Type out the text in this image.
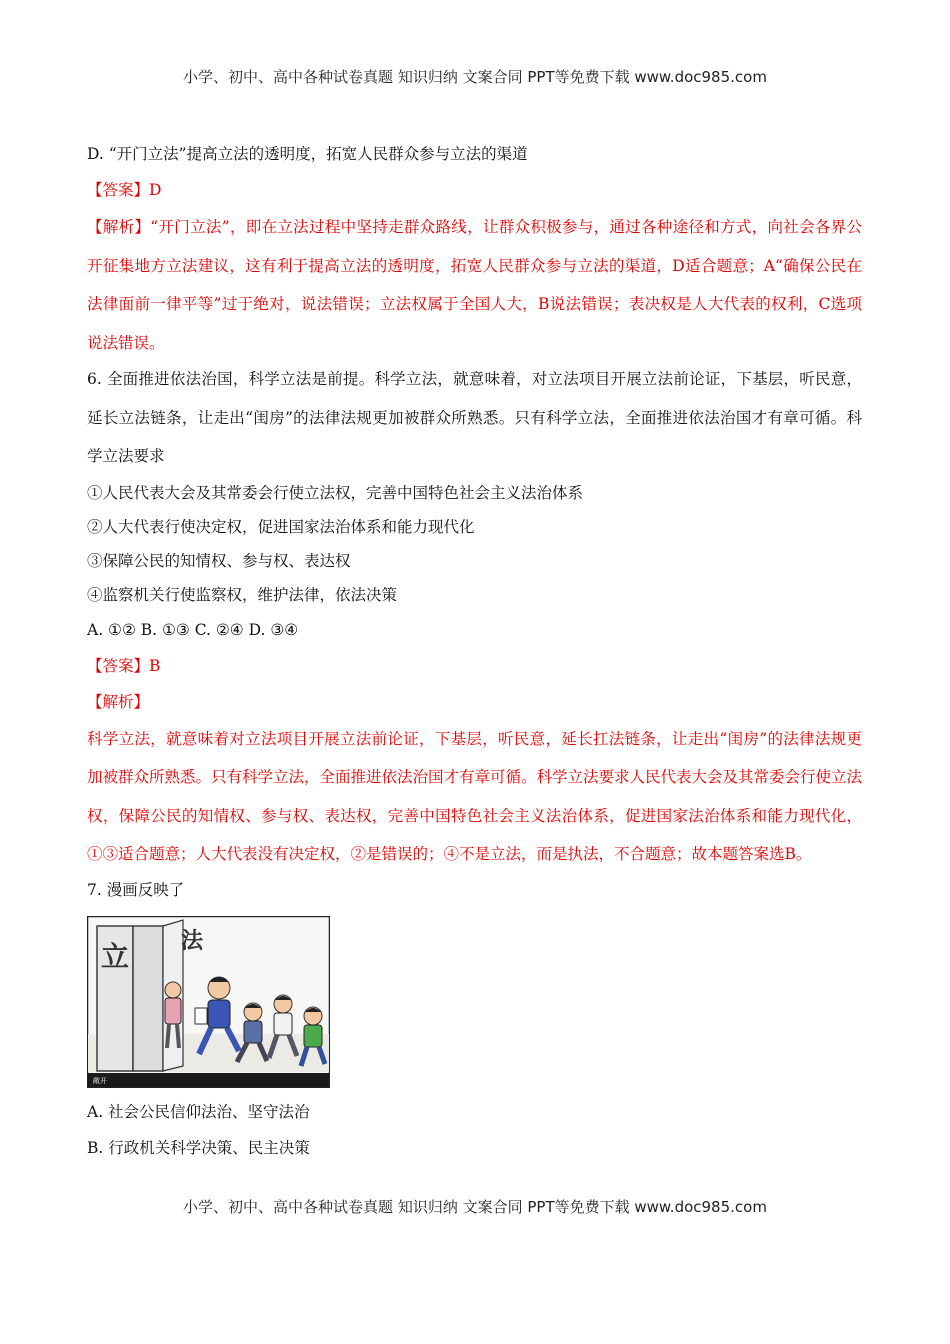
小学、初中、高中各种试卷真题 知识归纳 文案合同 PPT等免费下载 www.doc985.com
D. “开门立法”提高立法的透明度，拓宽人民群众参与立法的渠道
【答案】D
【解析】“开门立法”，即在立法过程中坚持走群众路线，让群众积极参与，通过各种途径和方式，向社会各界公开征集地方立法建议，这有利于提高立法的透明度，拓宽人民群众参与立法的渠道，D适合题意；A“确保公民在法律面前一律平等”过于绝对，说法错误；立法权属于全国人大，B说法错误；表决权是人大代表的权利，C选项说法错误。
6. 全面推进依法治国，科学立法是前提。科学立法，就意味着，对立法项目开展立法前论证，下基层，听民意，延长立法链条，让走出“闺房”的法律法规更加被群众所熟悉。只有科学立法，全面推进依法治国才有章可循。科学立法要求
①人民代表大会及其常委会行使立法权，完善中国特色社会主义法治体系
②人大代表行使决定权，促进国家法治体系和能力现代化
③保障公民的知情权、参与权、表达权
④监察机关行使监察权，维护法律，依法决策
A. ①② B. ①③ C. ②④ D. ③④
【答案】B
【解析】
科学立法，就意味着对立法项目开展立法前论证，下基层，听民意，延长扛法链条，让走出“闺房”的法律法规更加被群众所熟悉。只有科学立法，全面推进依法治国才有章可循。科学立法要求人民代表大会及其常委会行使立法权，保障公民的知情权、参与权、表达权，完善中国特色社会主义法治体系，促进国家法治体系和能力现代化，①③适合题意；人大代表没有决定权，②是错误的；④不是立法，而是执法，不合题意；故本题答案选B。
7. 漫画反映了
立 法
敞开
A. 社会公民信仰法治、坚守法治
B. 行政机关科学决策、民主决策
小学、初中、高中各种试卷真题 知识归纳 文案合同 PPT等免费下载 www.doc985.com
